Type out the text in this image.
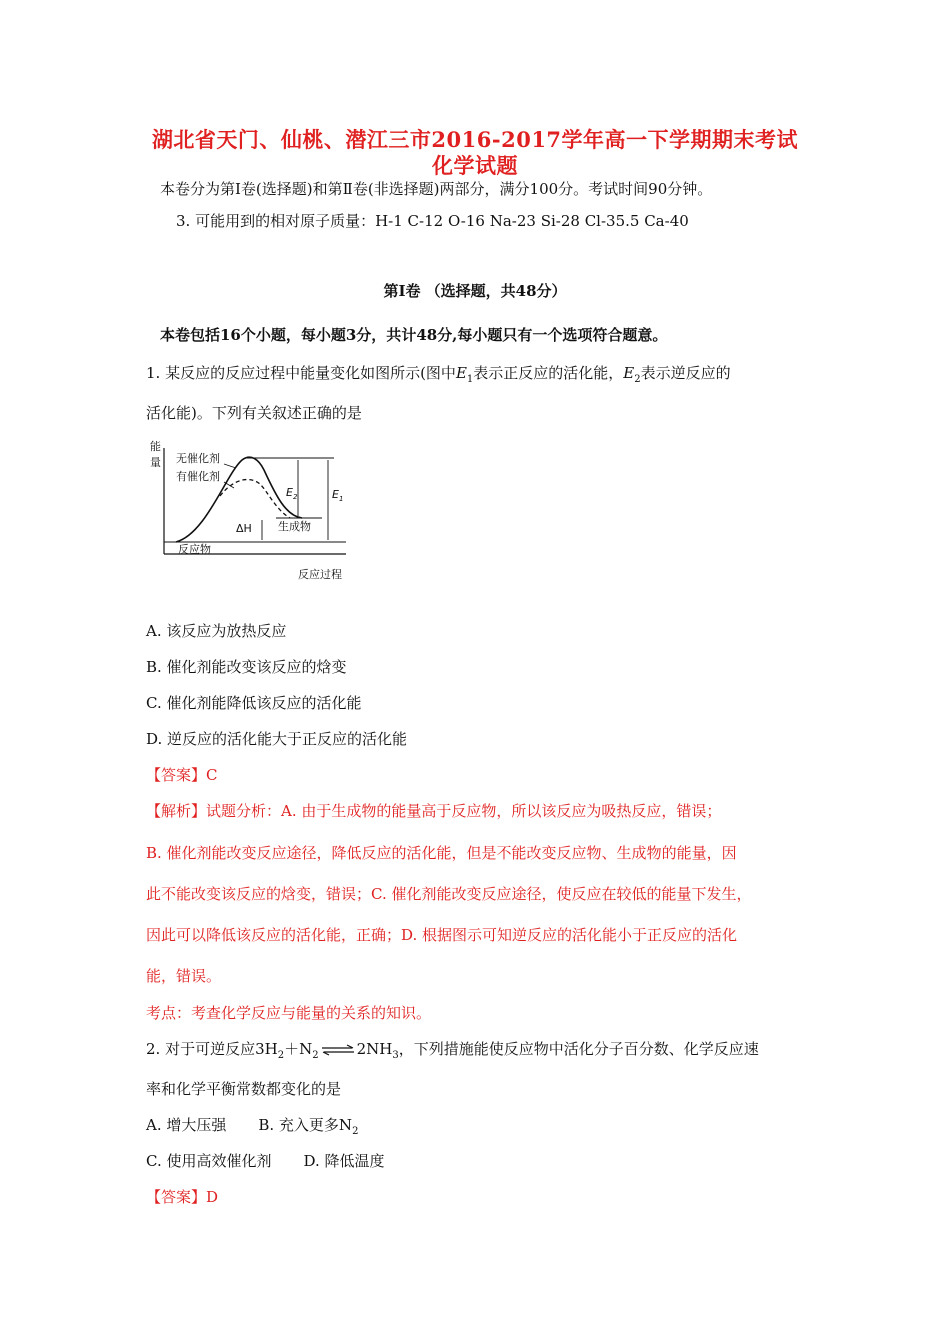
湖北省天门、仙桃、潜江三市2016-2017学年高一下学期期末考试
化学试题
本卷分为第Ⅰ卷(选择题)和第Ⅱ卷(非选择题)两部分，满分100分。考试时间90分钟。
3. 可能用到的相对原子质量：H-1 C-12 O-16 Na-23 Si-28 Cl-35.5 Ca-40
第Ⅰ卷 （选择题，共48分）
本卷包括16个小题，每小题3分，共计48分,每小题只有一个选项符合题意。
1. 某反应的反应过程中能量变化如图所示(图中$E_1$表示正反应的活化能，$E_2$表示逆反应的
活化能)。下列有关叙述正确的是
能
量 无催化剂
有催化剂
$E_2$	$E_1$
ΔH 生成物
反应物
反应过程
A. 该反应为放热反应
B. 催化剂能改变该反应的焓变
C. 催化剂能降低该反应的活化能
D. 逆反应的活化能大于正反应的活化能
【答案】C
【解析】试题分析：A. 由于生成物的能量高于反应物，所以该反应为吸热反应，错误；
B. 催化剂能改变反应途径，降低反应的活化能，但是不能改变反应物、生成物的能量，因
此不能改变该反应的焓变，错误；C. 催化剂能改变反应途径，使反应在较低的能量下发生，
因此可以降低该反应的活化能，正确；D. 根据图示可知逆反应的活化能小于正反应的活化
能，错误。
考点：考查化学反应与能量的关系的知识。
2. 对于可逆反应$3H_2+N_2$ ⇌ $2NH_3$，下列措施能使反应物中活化分子百分数、化学反应速
率和化学平衡常数都变化的是
A. 增大压强 B. 充入更多$N_2$
C. 使用高效催化剂 D. 降低温度
【答案】D
